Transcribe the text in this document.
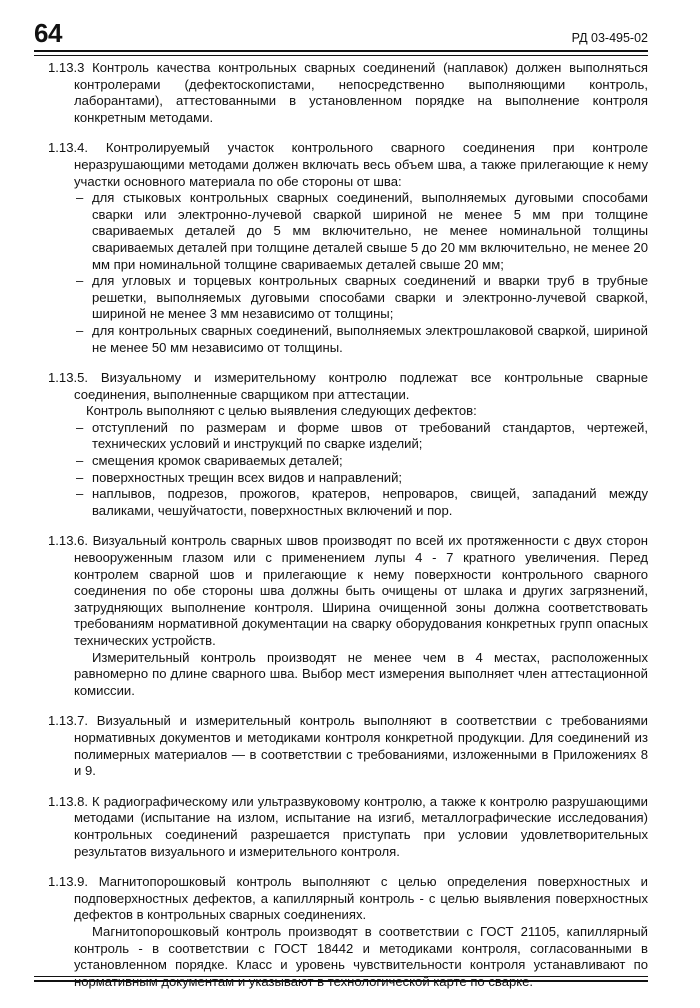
64	РД 03-495-02

1.13.3 Контроль качества контрольных сварных соединений (наплавок) должен выполняться контролерами (дефектоскопистами, непосредственно выполняющими контроль, лаборантами), аттестованными в установленном порядке на выполнение контроля конкретным методами.

1.13.4. Контролируемый участок контрольного сварного соединения при контроле неразрушающими методами должен включать весь объем шва, а также прилегающие к нему участки основного материала по обе стороны от шва:

– для стыковых контрольных сварных соединений, выполняемых дуговыми способами сварки или электронно-лучевой сваркой шириной не менее 5 мм при толщине свариваемых деталей до 5 мм включительно, не менее номинальной толщины свариваемых деталей при толщине деталей свыше 5 до 20 мм включительно, не менее 20 мм при номинальной толщине свариваемых деталей свыше 20 мм;
– для угловых и торцевых контрольных сварных соединений и вварки труб в трубные решетки, выполняемых дуговыми способами сварки и электронно-лучевой сваркой, шириной не менее 3 мм независимо от толщины;
– для контрольных сварных соединений, выполняемых электрошлаковой сваркой, шириной не менее 50 мм независимо от толщины.

1.13.5. Визуальному и измерительному контролю подлежат все контрольные сварные соединения, выполненные сварщиком при аттестации.

Контроль выполняют с целью выявления следующих дефектов:

– отступлений по размерам и форме швов от требований стандартов, чертежей, технических условий и инструкций по сварке изделий;
– смещения кромок свариваемых деталей;
– поверхностных трещин всех видов и направлений;
– наплывов, подрезов, прожогов, кратеров, непроваров, свищей, западаний между валиками, чешуйчатости, поверхностных включений и пор.

1.13.6. Визуальный контроль сварных швов производят по всей их протяженности с двух сторон невооруженным глазом или с применением лупы 4 - 7 кратного увеличения. Перед контролем сварной шов и прилегающие к нему поверхности контрольного сварного соединения по обе стороны шва должны быть очищены от шлака и других загрязнений, затрудняющих выполнение контроля. Ширина очищенной зоны должна соответствовать требованиям нормативной документации на сварку оборудования конкретных групп опасных технических устройств.

Измерительный контроль производят не менее чем в 4 местах, расположенных равномерно по длине сварного шва. Выбор мест измерения выполняет член аттестационной комиссии.

1.13.7. Визуальный и измерительный контроль выполняют в соответствии с требованиями нормативных документов и методиками контроля конкретной продукции. Для соединений из полимерных материалов — в соответствии с требованиями, изложенными в Приложениях 8 и 9.

1.13.8. К радиографическому или ультразвуковому контролю, а также к контролю разрушающими методами (испытание на излом, испытание на изгиб, металлографические исследования) контрольных соединений разрешается приступать при условии удовлетворительных результатов визуального и измерительного контроля.

1.13.9. Магнитопорошковый контроль выполняют с целью определения поверхностных и подповерхностных дефектов, а капиллярный контроль - с целью выявления поверхностных дефектов в контрольных сварных соединениях.

Магнитопорошковый контроль производят в соответствии с ГОСТ 21105, капиллярный контроль - в соответствии с ГОСТ 18442 и методиками контроля, согласованными в установленном порядке. Класс и уровень чувствительности контроля устанавливают по нормативным документам и указывают в технологической карте по сварке.
